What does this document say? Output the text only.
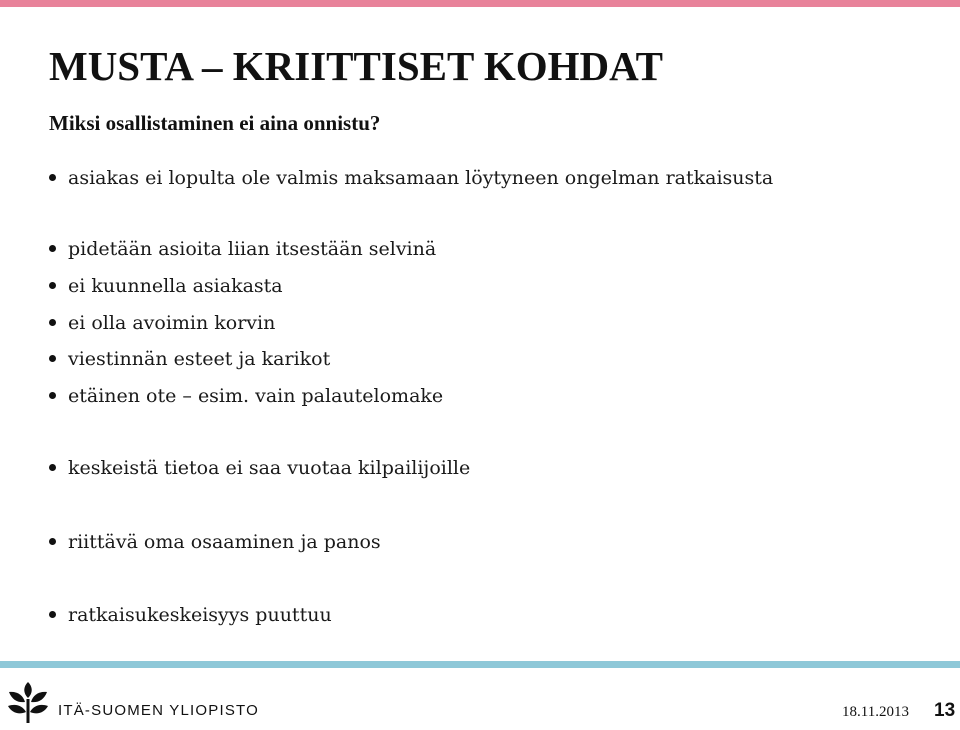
MUSTA – KRIITTISET KOHDAT
Miksi osallistaminen ei aina onnistu?
asiakas ei lopulta ole valmis maksamaan löytyneen ongelman ratkaisusta
pidetään asioita liian itsestään selvinä
ei kuunnella asiakasta
ei olla avoimin korvin
viestinnän esteet ja karikot
etäinen ote – esim. vain palautelomake
keskeistä tietoa ei saa vuotaa kilpailijoille
riittävä oma osaaminen ja panos
ratkaisukeskeisyys puuttuu

ITÄ-SUOMEN YLIOPISTO	18.11.2013 13
